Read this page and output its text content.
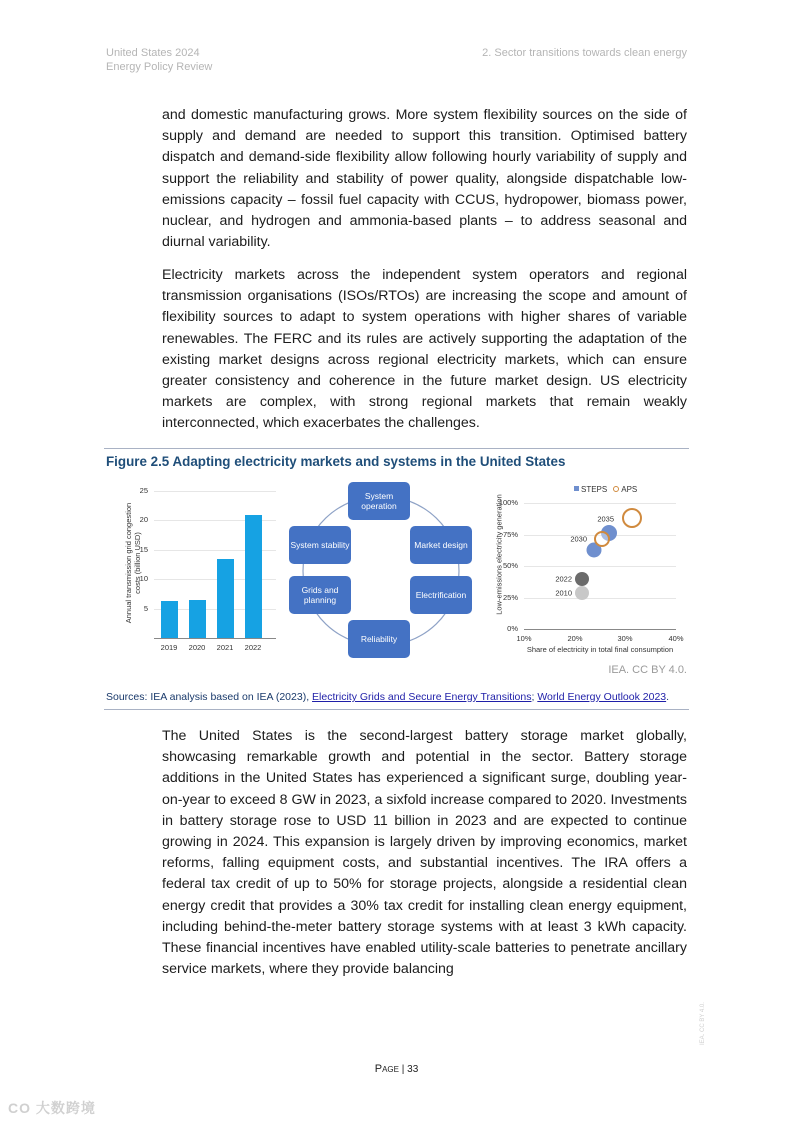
United States 2024
Energy Policy Review
2. Sector transitions towards clean energy

and domestic manufacturing grows. More system flexibility sources on the side of supply and demand are needed to support this transition. Optimised battery dispatch and demand-side flexibility allow following hourly variability of supply and support the reliability and stability of power quality, alongside dispatchable low-emissions capacity – fossil fuel capacity with CCUS, hydropower, biomass power, nuclear, and hydrogen and ammonia-based plants – to address seasonal and diurnal variability.

Electricity markets across the independent system operators and regional transmission organisations (ISOs/RTOs) are increasing the scope and amount of flexibility sources to adapt to system operations with higher shares of variable renewables. The FERC and its rules are actively supporting the adaptation of the existing market designs across regional electricity markets, which can ensure greater consistency and coherence in the future market design. US electricity markets are complex, with strong regional markets that remain weakly interconnected, which exacerbates the challenges.

Figure 2.5 Adapting electricity markets and systems in the United States
Annual transmission grid congestion costs (billion USD)
25
20
15
10
5
2019	2020	2021	2022
System operation
Market design
Electrification
Reliability
Grids and planning
System stability
STEPS APS
Low-emissions electricity generation
100%
75%
50%
25%
0%
10%	20%	30%	40%
Share of electricity in total final consumption
2010
2022
2030
2035
IEA. CC BY 4.0.
Sources: IEA analysis based on IEA (2023), Electricity Grids and Secure Energy Transitions; World Energy Outlook 2023.

The United States is the second-largest battery storage market globally, showcasing remarkable growth and potential in the sector. Battery storage additions in the United States has experienced a significant surge, doubling year-on-year to exceed 8 GW in 2023, a sixfold increase compared to 2020. Investments in battery storage rose to USD 11 billion in 2023 and are expected to continue growing in 2024. This expansion is largely driven by improving economics, market reforms, falling equipment costs, and substantial incentives. The IRA offers a federal tax credit of up to 50% for storage projects, alongside a residential clean energy credit that provides a 30% tax credit for installing clean energy equipment, including behind-the-meter battery storage systems with at least 3 kWh capacity. These financial incentives have enabled utility-scale batteries to penetrate ancillary service markets, where they provide balancing

Page | 33
IEA. CC BY 4.0.
CO 大数跨境
